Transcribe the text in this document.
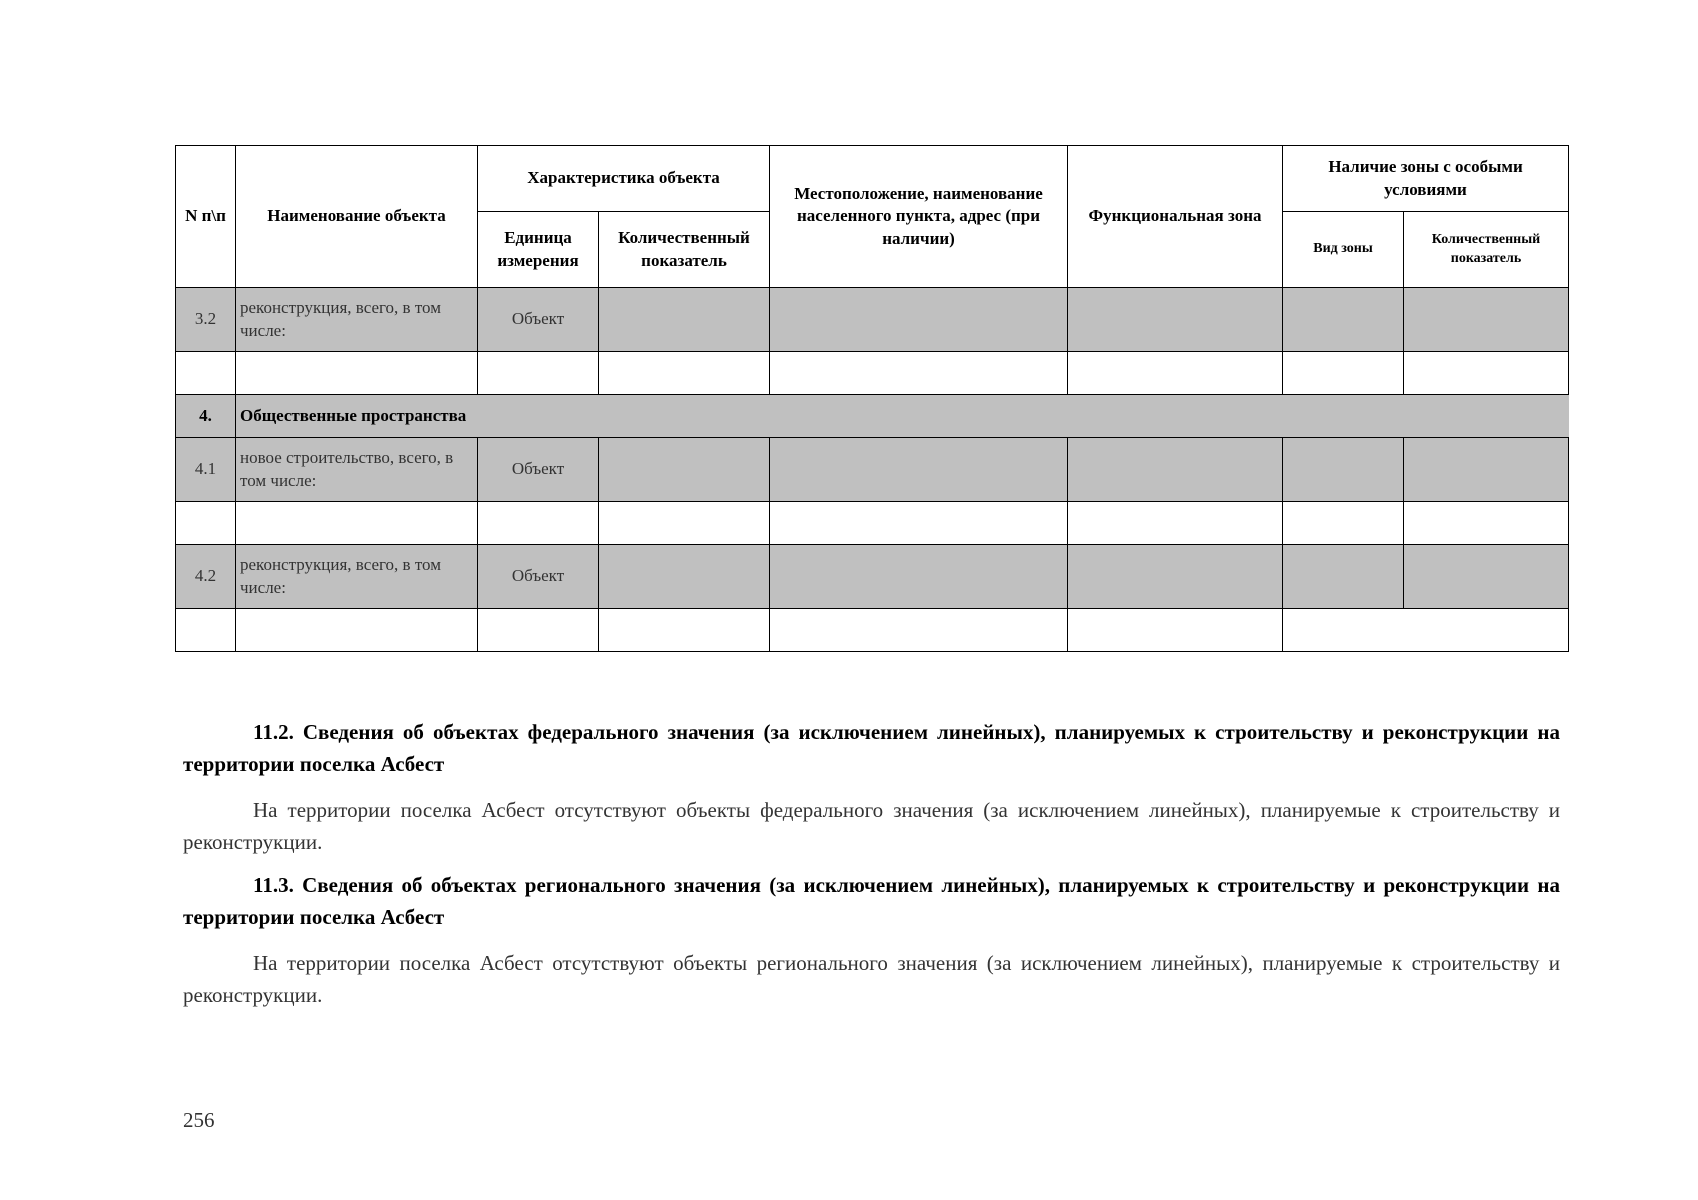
N п\п	Наименование объекта	Характеристика объекта		Местоположение, наименование населенного пункта, адрес (при наличии)	Функциональная зона	Наличие зоны с особыми условиями	
		Единица измерения	Количественный показатель			Вид зоны	Количественный показатель
3.2	реконструкция, всего, в том числе:	Объект					

4.	Общественные пространства						
4.1	новое строительство, всего, в том числе:	Объект					

4.2	реконструкция, всего, в том числе:	Объект					

11.2. Сведения об объектах федерального значения (за исключением линейных), планируемых к строительству и реконструкции на территории поселка Асбест

На территории поселка Асбест отсутствуют объекты федерального значения (за исключением линейных), планируемые к строительству и реконструкции.

11.3. Сведения об объектах регионального значения (за исключением линейных), планируемых к строительству и реконструкции на территории поселка Асбест

На территории поселка Асбест отсутствуют объекты регионального значения (за исключением линейных), планируемые к строительству и реконструкции.

256
